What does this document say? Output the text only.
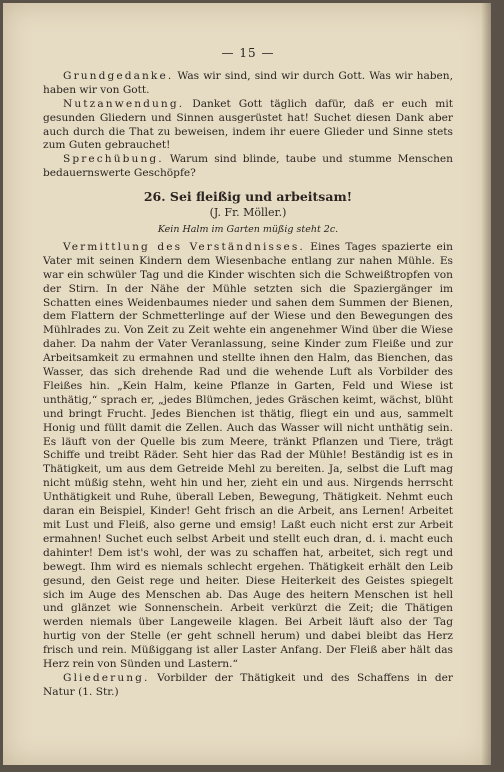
— 15 —

Grundgedanke. Was wir sind, sind wir durch Gott. Was wir haben, haben wir von Gott.

Nutzanwendung. Danket Gott täglich dafür, daß er euch mit gesunden Gliedern und Sinnen ausgerüstet hat! Suchet diesen Dank aber auch durch die That zu beweisen, indem ihr euere Glieder und Sinne stets zum Guten gebrauchet!

Sprechübung. Warum sind blinde, taube und stumme Menschen bedauernswerte Geschöpfe?

26. Sei fleißig und arbeitsam!
(J. Fr. Möller.)
Kein Halm im Garten müßig steht 2c.

Vermittlung des Verständnisses. Eines Tages spazierte ein Vater mit seinen Kindern dem Wiesenbache entlang zur nahen Mühle. Es war ein schwüler Tag und die Kinder wischten sich die Schweißtropfen von der Stirn. In der Nähe der Mühle setzten sich die Spaziergänger im Schatten eines Weidenbaumes nieder und sahen dem Summen der Bienen, dem Flattern der Schmetterlinge auf der Wiese und den Bewegungen des Mühlrades zu. Von Zeit zu Zeit wehte ein angenehmer Wind über die Wiese daher. Da nahm der Vater Veranlassung, seine Kinder zum Fleiße und zur Arbeitsamkeit zu ermahnen und stellte ihnen den Halm, das Bienchen, das Wasser, das sich drehende Rad und die wehende Luft als Vorbilder des Fleißes hin. „Kein Halm, keine Pflanze in Garten, Feld und Wiese ist unthätig,“ sprach er, „jedes Blümchen, jedes Gräschen keimt, wächst, blüht und bringt Frucht. Jedes Bienchen ist thätig, fliegt ein und aus, sammelt Honig und füllt damit die Zellen. Auch das Wasser will nicht unthätig sein. Es läuft von der Quelle bis zum Meere, tränkt Pflanzen und Tiere, trägt Schiffe und treibt Räder. Seht hier das Rad der Mühle! Beständig ist es in Thätigkeit, um aus dem Getreide Mehl zu bereiten. Ja, selbst die Luft mag nicht müßig stehn, weht hin und her, zieht ein und aus. Nirgends herrscht Unthätigkeit und Ruhe, überall Leben, Bewegung, Thätigkeit. Nehmt euch daran ein Beispiel, Kinder! Geht frisch an die Arbeit, ans Lernen! Arbeitet mit Lust und Fleiß, also gerne und emsig! Laßt euch nicht erst zur Arbeit ermahnen! Suchet euch selbst Arbeit und stellt euch dran, d. i. macht euch dahinter! Dem ist's wohl, der was zu schaffen hat, arbeitet, sich regt und bewegt. Ihm wird es niemals schlecht ergehen. Thätigkeit erhält den Leib gesund, den Geist rege und heiter. Diese Heiterkeit des Geistes spiegelt sich im Auge des Menschen ab. Das Auge des heitern Menschen ist hell und glänzet wie Sonnenschein. Arbeit verkürzt die Zeit; die Thätigen werden niemals über Langeweile klagen. Bei Arbeit läuft also der Tag hurtig von der Stelle (er geht schnell herum) und dabei bleibt das Herz frisch und rein. Müßiggang ist aller Laster Anfang. Der Fleiß aber hält das Herz rein von Sünden und Lastern.“

Gliederung. Vorbilder der Thätigkeit und des Schaffens in der Natur (1. Str.)
